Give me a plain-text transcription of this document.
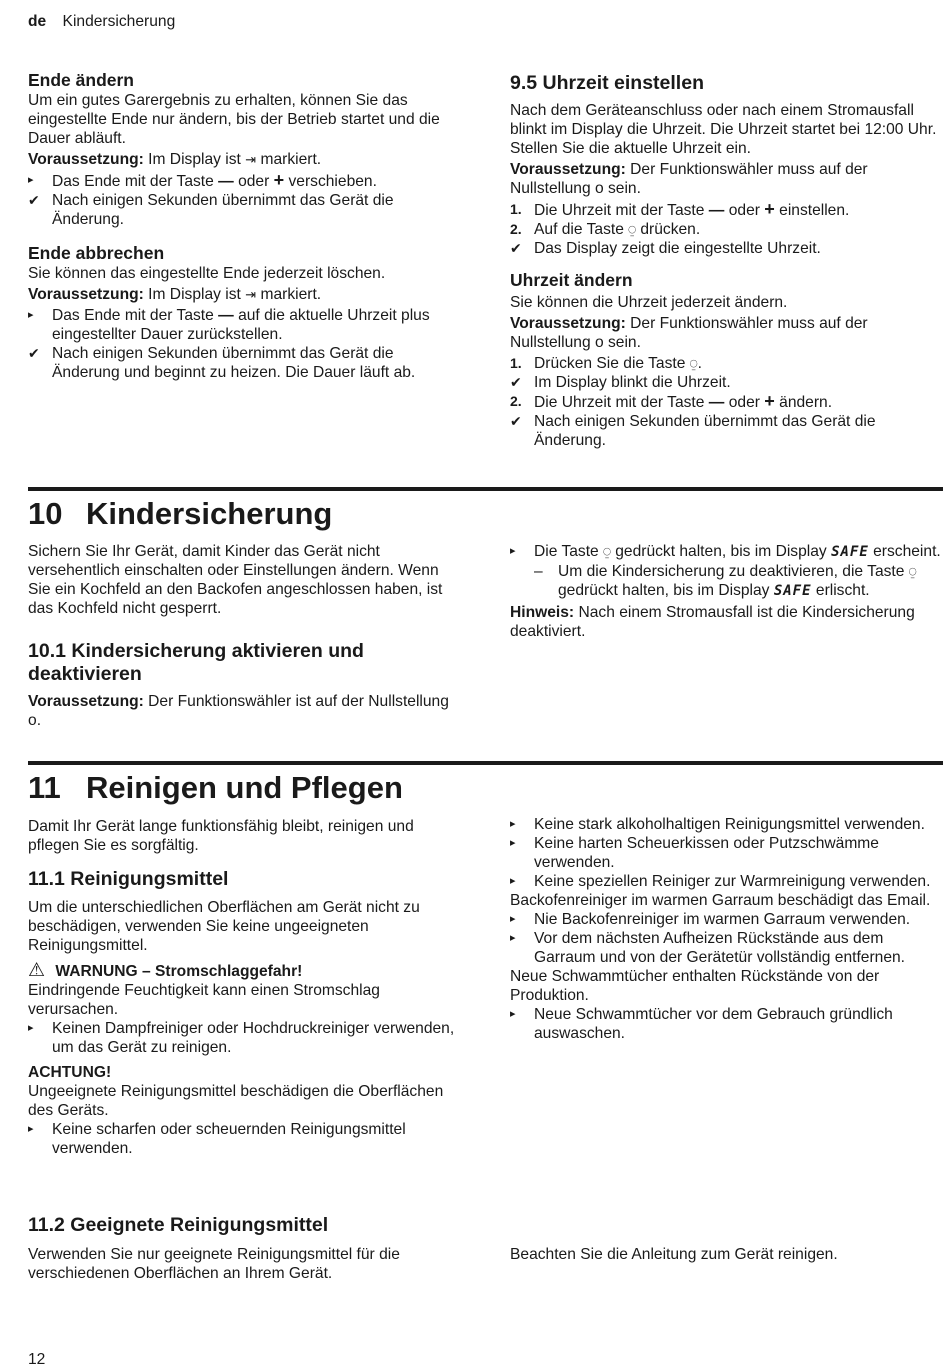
de Kindersicherung

Ende ändern

Um ein gutes Garergebnis zu erhalten, können Sie das eingestellte Ende nur ändern, bis der Betrieb startet und die Dauer abläuft.

Voraussetzung: Im Display ist ⇥ markiert.

▸	Das Ende mit der Taste — oder + verschieben.
✔ Nach einigen Sekunden übernimmt das Gerät die Änderung.

Ende abbrechen

Sie können das eingestellte Ende jederzeit löschen.

Voraussetzung: Im Display ist ⇥ markiert.

▸	Das Ende mit der Taste — auf die aktuelle Uhrzeit plus eingestellter Dauer zurückstellen.
✔ Nach einigen Sekunden übernimmt das Gerät die Änderung und beginnt zu heizen. Die Dauer läuft ab.

9.5 Uhrzeit einstellen

Nach dem Geräteanschluss oder nach einem Stromausfall blinkt im Display die Uhrzeit. Die Uhrzeit startet bei 12:00 Uhr. Stellen Sie die aktuelle Uhrzeit ein.

Voraussetzung: Der Funktionswähler muss auf der Nullstellung o sein.

1. Die Uhrzeit mit der Taste — oder + einstellen.
2. Auf die Taste ⍜ drücken.
✔ Das Display zeigt die eingestellte Uhrzeit.

Uhrzeit ändern

Sie können die Uhrzeit jederzeit ändern.

Voraussetzung: Der Funktionswähler muss auf der Nullstellung o sein.

1. Drücken Sie die Taste ⍜.
✔ Im Display blinkt die Uhrzeit.
2. Die Uhrzeit mit der Taste — oder + ändern.
✔ Nach einigen Sekunden übernimmt das Gerät die Änderung.
10 Kindersicherung

Sichern Sie Ihr Gerät, damit Kinder das Gerät nicht versehentlich einschalten oder Einstellungen ändern. Wenn Sie ein Kochfeld an den Backofen angeschlossen haben, ist das Kochfeld nicht gesperrt.

10.1 Kindersicherung aktivieren und deaktivieren

Voraussetzung: Der Funktionswähler ist auf der Nullstellung o.

▸	Die Taste ⍜ gedrückt halten, bis im Display SAFE erscheint.
– Um die Kindersicherung zu deaktivieren, die Taste ⍜ gedrückt halten, bis im Display SAFE erlischt.

Hinweis: Nach einem Stromausfall ist die Kindersicherung deaktiviert.

11 Reinigen und Pflegen

Damit Ihr Gerät lange funktionsfähig bleibt, reinigen und pflegen Sie es sorgfältig.

11.1 Reinigungsmittel

Um die unterschiedlichen Oberflächen am Gerät nicht zu beschädigen, verwenden Sie keine ungeeigneten Reinigungsmittel.

⚠ WARNUNG – Stromschlaggefahr!

Eindringende Feuchtigkeit kann einen Stromschlag verursachen.

▸	Keinen Dampfreiniger oder Hochdruckreiniger verwenden, um das Gerät zu reinigen.

ACHTUNG!

Ungeeignete Reinigungsmittel beschädigen die Oberflächen des Geräts.

▸	Keine scharfen oder scheuernden Reinigungsmittel verwenden.
▸	Keine stark alkoholhaltigen Reinigungsmittel verwenden.
▸	Keine harten Scheuerkissen oder Putzschwämme verwenden.
▸	Keine speziellen Reiniger zur Warmreinigung verwenden.

Backofenreiniger im warmen Garraum beschädigt das Email.

▸	Nie Backofenreiniger im warmen Garraum verwenden.
▸	Vor dem nächsten Aufheizen Rückstände aus dem Garraum und von der Gerätetür vollständig entfernen.

Neue Schwammtücher enthalten Rückstände von der Produktion.

▸	Neue Schwammtücher vor dem Gebrauch gründlich auswaschen.

11.2 Geeignete Reinigungsmittel

Verwenden Sie nur geeignete Reinigungsmittel für die verschiedenen Oberflächen an Ihrem Gerät.

Beachten Sie die Anleitung zum Gerät reinigen.

12
